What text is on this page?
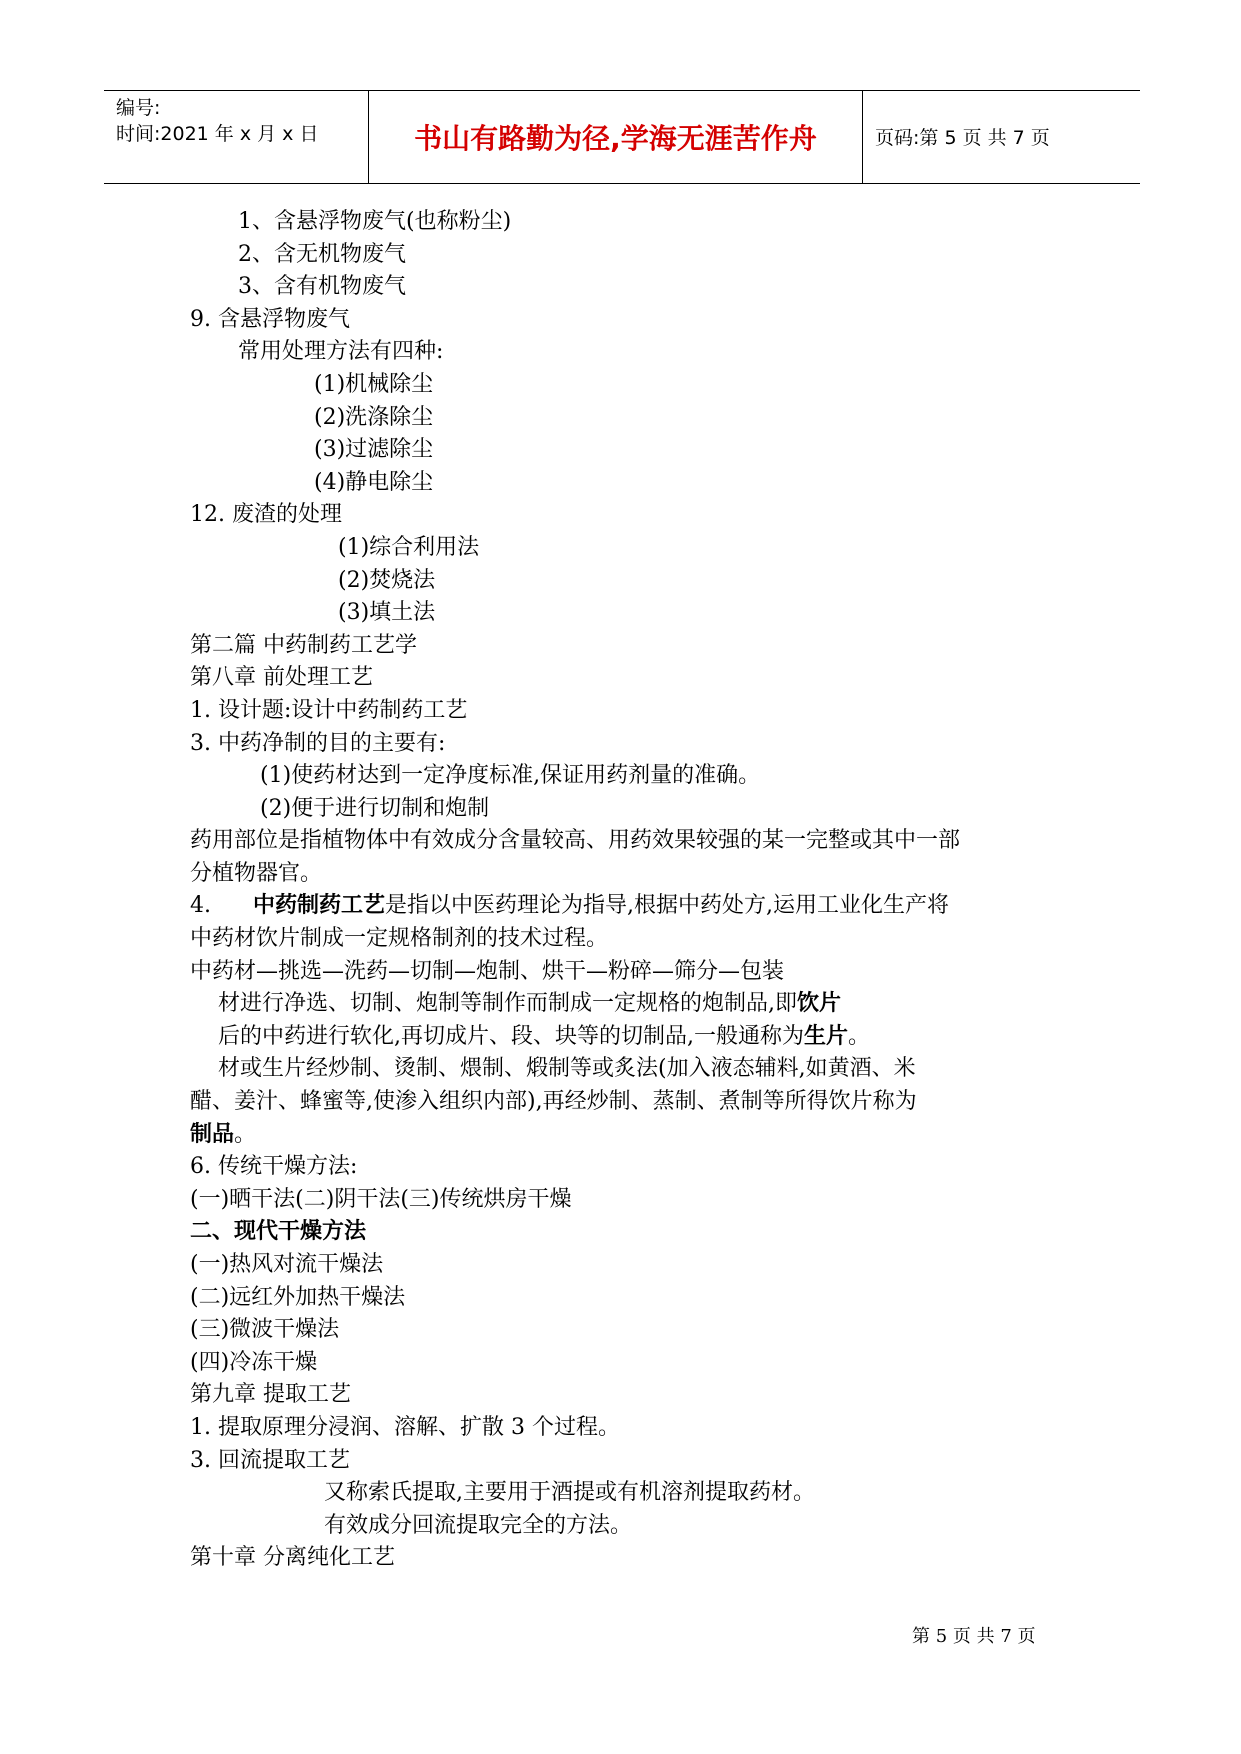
编号:
时间:2021 年 x 月 x 日	书山有路勤为径,学海无涯苦作舟	页码:第 5 页 共 7 页
1、含悬浮物废气(也称粉尘)
2、含无机物废气
3、含有机物废气
9. 含悬浮物废气
常用处理方法有四种:
(1)机械除尘
(2)洗涤除尘
(3)过滤除尘
(4)静电除尘
12. 废渣的处理
(1)综合利用法
(2)焚烧法
(3)填土法
第二篇 中药制药工艺学
第八章 前处理工艺
1. 设计题:设计中药制药工艺
3. 中药净制的目的主要有:
(1)使药材达到一定净度标准,保证用药剂量的准确。
(2)便于进行切制和炮制
药用部位是指植物体中有效成分含量较高、用药效果较强的某一完整或其中一部
分植物器官。
4. 中药制药工艺是指以中医药理论为指导,根据中药处方,运用工业化生产将
中药材饮片制成一定规格制剂的技术过程。
中药材—挑选—洗药—切制—炮制、烘干—粉碎—筛分—包装
材进行净选、切制、炮制等制作而制成一定规格的炮制品,即饮片
后的中药进行软化,再切成片、段、块等的切制品,一般通称为生片。
材或生片经炒制、烫制、煨制、煅制等或炙法(加入液态辅料,如黄酒、米
醋、姜汁、蜂蜜等,使渗入组织内部),再经炒制、蒸制、煮制等所得饮片称为
制品。
6. 传统干燥方法:
(一)晒干法(二)阴干法(三)传统烘房干燥
二、现代干燥方法
(一)热风对流干燥法
(二)远红外加热干燥法
(三)微波干燥法
(四)冷冻干燥
第九章 提取工艺
1. 提取原理分浸润、溶解、扩散 3 个过程。
3. 回流提取工艺
又称索氏提取,主要用于酒提或有机溶剂提取药材。
有效成分回流提取完全的方法。
第十章 分离纯化工艺
第 5 页 共 7 页
